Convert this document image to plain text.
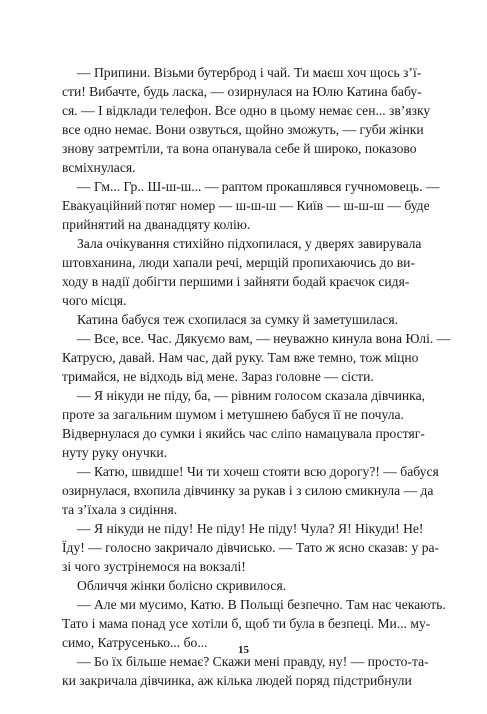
— Припини. Візьми бутерброд і чай. Ти маєш хоч щось з’ї-
сти! Вибачте, будь ласка, — озирнулася на Юлю Катина бабу-
ся. — І відклади телефон. Все одно в цьому немає сен... зв’язку
все одно немає. Вони озвуться, щойно зможуть, — губи жінки
знову затремтіли, та вона опанувала себе й широко, показово
всміхнулася.
— Гм... Гр.. Ш-ш-ш... — раптом прокашлявся гучномовець. —
Евакуаційний потяг номер — ш-ш-ш — Київ — ш-ш-ш — буде
прийнятий на дванадцяту колію.
Зала очікування стихійно підхопилася, у дверях завирувала
штовханина, люди хапали речі, мерщій пропихаючись до ви-
ходу в надії добігти першими і зайняти бодай краєчок сидя-
чого місця.
Катина бабуся теж схопилася за сумку й заметушилася.
— Все, все. Час. Дякуємо вам, — неуважно кинула вона Юлі. —
Катрусю, давай. Нам час, дай руку. Там вже темно, тож міцно
тримайся, не відходь від мене. Зараз головне — сісти.
— Я нікуди не піду, ба, — рівним голосом сказала дівчинка,
проте за загальним шумом і метушнею бабуся її не почула.
Відвернулася до сумки і якийсь час сліпо намацувала простяг-
нуту руку онучки.
— Катю, швидше! Чи ти хочеш стояти всю дорогу?! — бабуся
озирнулася, вхопила дівчинку за рукав і з силою смикнула — да
та з’їхала з сидіння.
— Я нікуди не піду! Не піду! Не піду! Чула? Я! Нікуди! Не!
Їду! — голосно закричало дівчисько. — Тато ж ясно сказав: у ра-
зі чого зустрінемося на вокзалі!
Обличчя жінки болісно скривилося.
— Але ми мусимо, Катю. В Польщі безпечно. Там нас чекають.
Тато і мама понад усе хотіли б, щоб ти була в безпеці. Ми... му-
симо, Катрусенько... бо...
— Бо їх більше немає? Скажи мені правду, ну! — просто-та-
ки закричала дівчинка, аж кілька людей поряд підстрибнули
15
